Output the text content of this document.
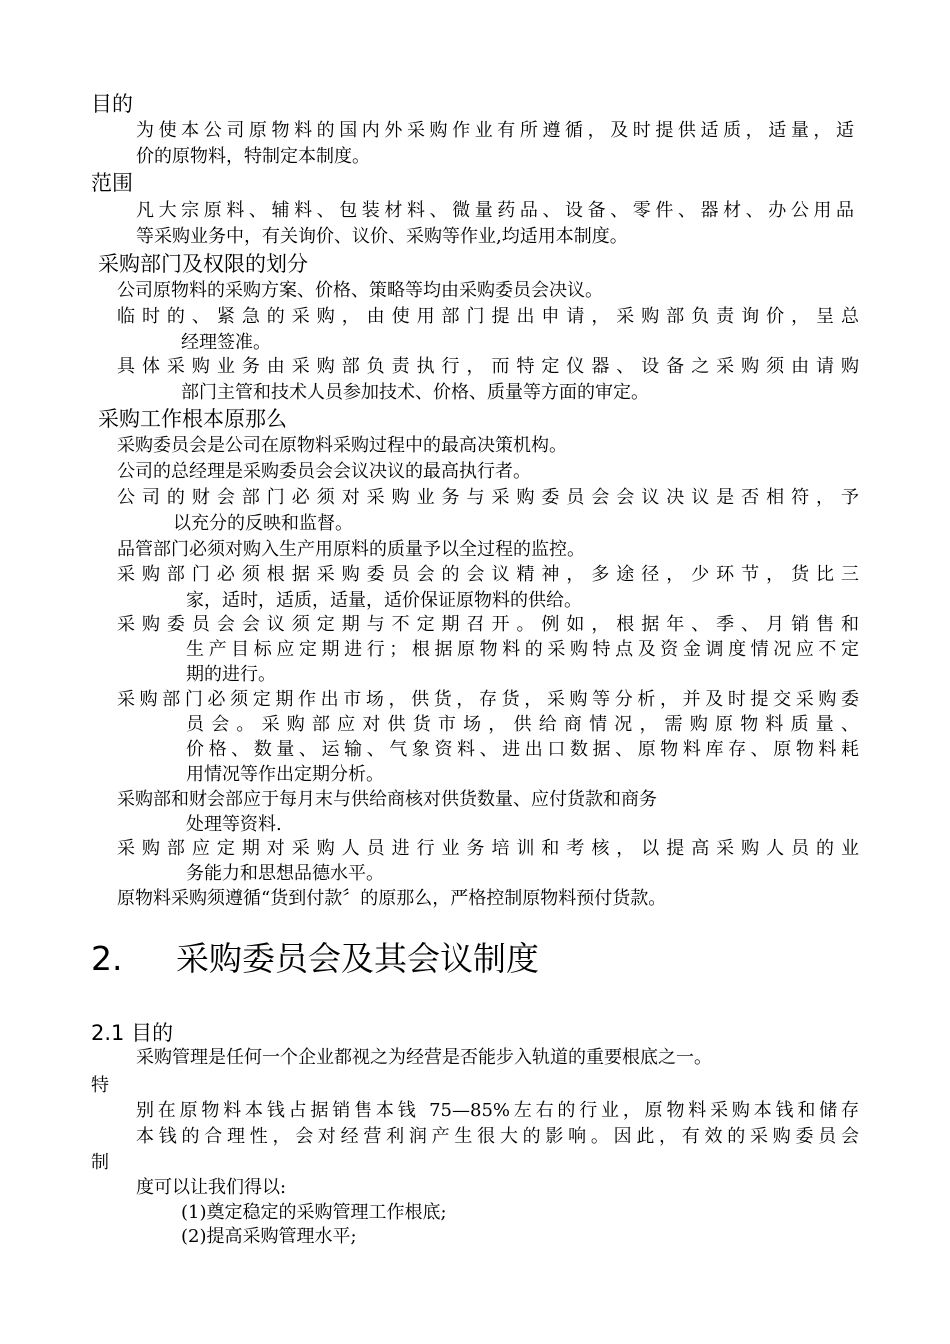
目的
为使本公司原物料的国内外采购作业有所遵循，及时提供适质，适量，适
价的原物料，特制定本制度。
范围
凡大宗原料、辅料、包装材料、微量药品、设备、零件、器材、办公用品
等采购业务中，有关询价、议价、采购等作业,均适用本制度。
采购部门及权限的划分
公司原物料的采购方案、价格、策略等均由采购委员会决议。
临时的、紧急的采购，由使用部门提出申请，采购部负责询价，呈总
经理签准。
具体采购业务由采购部负责执行，而特定仪器、设备之采购须由请购
部门主管和技术人员参加技术、价格、质量等方面的审定。
采购工作根本原那么
采购委员会是公司在原物料采购过程中的最高决策机构。
公司的总经理是采购委员会会议决议的最高执行者。
公司的财会部门必须对采购业务与采购委员会会议决议是否相符，予
以充分的反映和监督。
品管部门必须对购入生产用原料的质量予以全过程的监控。
采购部门必须根据采购委员会的会议精神，多途径，少环节，货比三
家，适时，适质，适量，适价保证原物料的供给。
采购委员会会议须定期与不定期召开。例如，根据年、季、月销售和
生产目标应定期进行；根据原物料的采购特点及资金调度情况应不定
期的进行。
采购部门必须定期作出市场，供货，存货，采购等分析，并及时提交采购委
员会。采购部应对供货市场，供给商情况，需购原物料质量、
价格、数量、运输、气象资料、进出口数据、原物料库存、原物料耗
用情况等作出定期分析。
采购部和财会部应于每月末与供给商核对供货数量、应付货款和商务
处理等资料.
采购部应定期对采购人员进行业务培训和考核，以提高采购人员的业
务能力和思想品德水平。
原物料采购须遵循“货到付款〞的原那么，严格控制原物料预付货款。
2. 采购委员会及其会议制度
2.1 目的
采购管理是任何一个企业都视之为经营是否能步入轨道的重要根底之一。
特
别在原物料本钱占据销售本钱 75—85%左右的行业，原物料采购本钱和储存
本钱的合理性，会对经营利润产生很大的影响。因此，有效的采购委员会
制
度可以让我们得以:
(1)奠定稳定的采购管理工作根底;
(2)提高采购管理水平;
